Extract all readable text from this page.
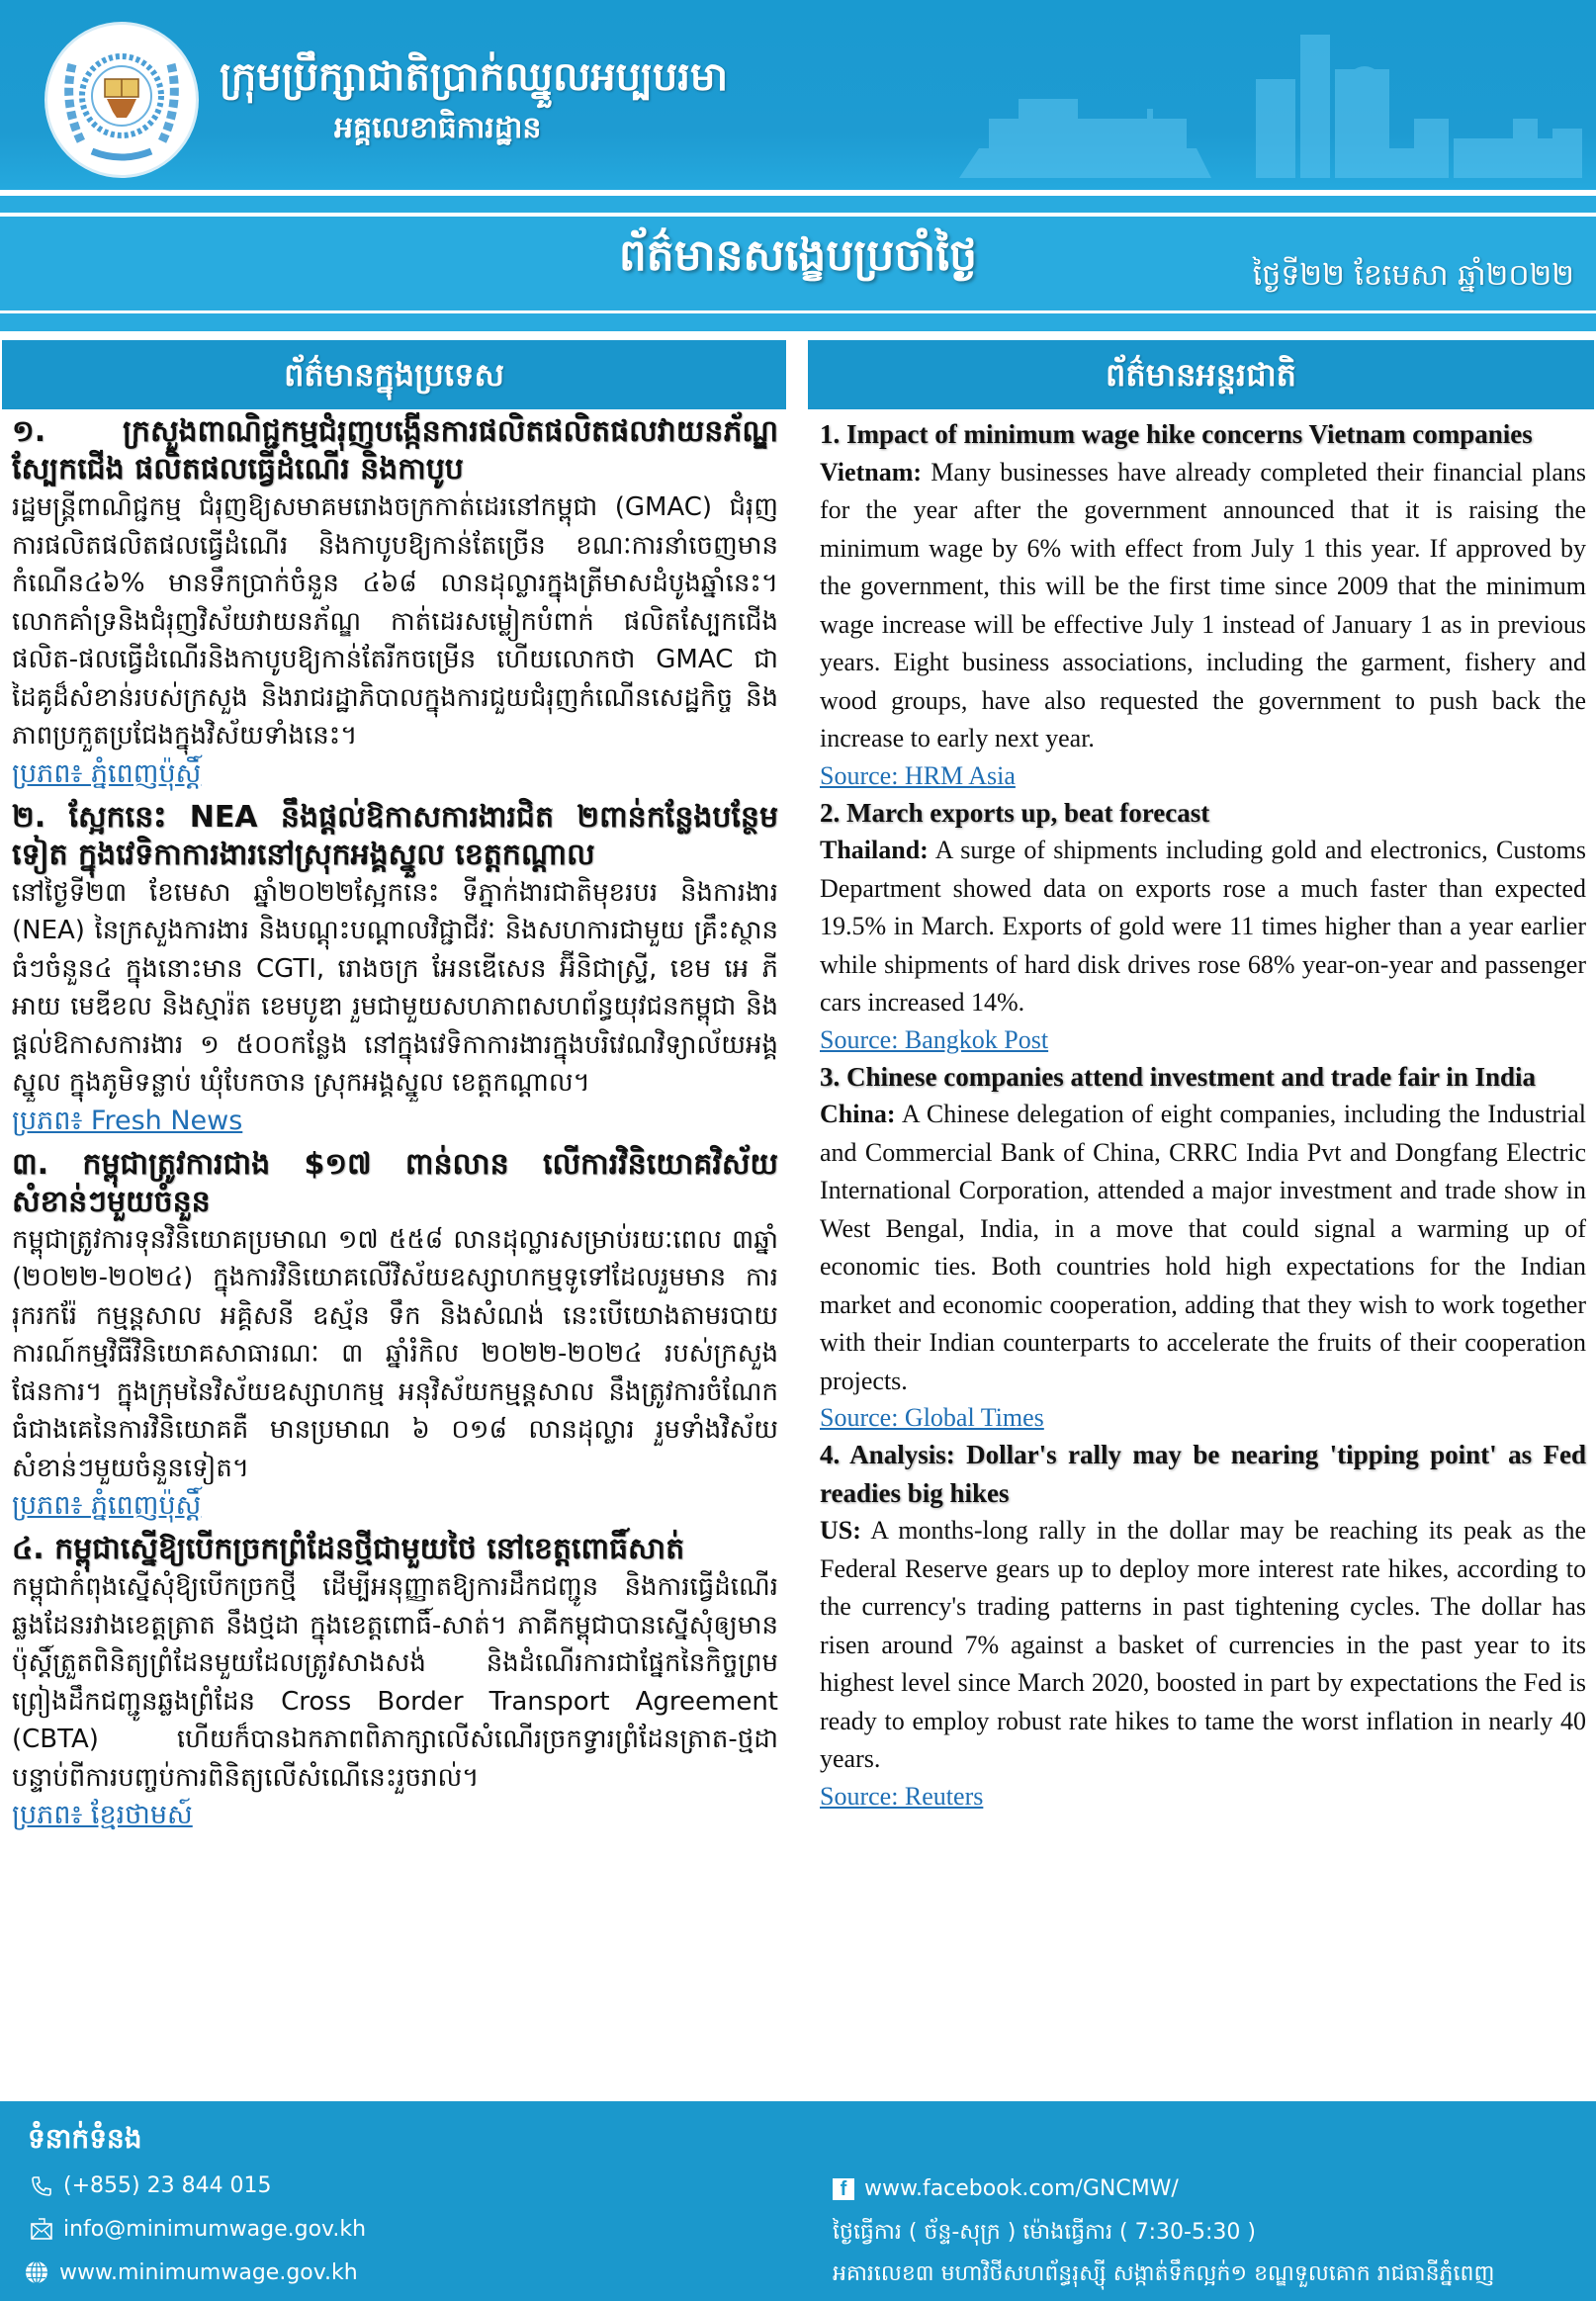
ក្រុមប្រឹក្សាជាតិប្រាក់ឈ្នួលអប្បបរមា
អគ្គលេខាធិការដ្ឋាន
ព័ត៌មានសង្ខេបប្រចាំថ្ងៃ	ថ្ងៃទី២២ ខែមេសា ឆ្នាំ២០២២
ព័ត៌មានក្នុងប្រទេស

១. ក្រសួងពាណិជ្ជកម្មជំរុញបង្កើនការផលិតផលិតផលវាយនភ័ណ្ឌ ស្បែកជើង ផលិតផលធ្វើដំណើរ និងកាបូប

រដ្ឋមន្ត្រីពាណិជ្ជកម្ម ជំរុញឱ្យសមាគមរោងចក្រកាត់ដេរនៅកម្ពុជា (GMAC) ជំរុញការផលិតផលិតផលធ្វើដំណើរ និងកាបូបឱ្យកាន់តែច្រើន ខណៈការនាំចេញមានកំណើន៤៦% មានទឹកប្រាក់ចំនួន ៤៦៨ លានដុល្លារក្នុងត្រីមាសដំបូងឆ្នាំនេះ។ លោកគាំទ្រនិងជំរុញវិស័យវាយនភ័ណ្ឌ កាត់ដេរសម្លៀកបំពាក់ ផលិតស្បែកជើង ផលិត-ផលធ្វើដំណើរនិងកាបូបឱ្យកាន់តែរីកចម្រើន ហើយលោកថា GMAC ជាដៃគូដ៏សំខាន់របស់ក្រសួង និងរាជរដ្ឋាភិបាលក្នុងការជួយជំរុញកំណើនសេដ្ឋកិច្ច និងភាពប្រកួតប្រជែងក្នុងវិស័យទាំងនេះ។

ប្រភព៖ ភ្នំពេញប៉ុស្តិ៍

២. ស្អែកនេះ NEA នឹងផ្តល់ឱកាសការងារជិត ២ពាន់កន្លែងបន្ថែមទៀត ក្នុងវេទិកាការងារនៅស្រុកអង្គស្នួល ខេត្តកណ្តាល

នៅថ្ងៃទី២៣ ខែមេសា ឆ្នាំ២០២២ស្អែកនេះ ទីភ្នាក់ងារជាតិមុខរបរ និងការងារ (NEA) នៃក្រសួងការងារ និងបណ្តុះបណ្តាលវិជ្ជាជីវៈ និងសហការជាមួយ គ្រឹះស្ថានធំៗចំនួន៤ ក្នុងនោះមាន CGTI, រោងចក្រ អែនឌើសេន អ៊ីនិជាស្ទ្រី, ខេម អេ ភី អាយ មេឌីខល និងស្មារ៉ត ខេមបូឌា រួមជាមួយសហភាពសហព័ន្ធយុវជនកម្ពុជា និងផ្តល់ឱកាសការងារ ១ ៥០០កន្លែង នៅក្នុងវេទិកាការងារក្នុងបរិវេណវិទ្យាល័យអង្គស្នួល ក្នុងភូមិទន្លាប់ ឃុំបែកចាន ស្រុកអង្គស្នួល ខេត្តកណ្តាល។

ប្រភព៖ Fresh News

៣. កម្ពុជាត្រូវការជាង $១៧ ពាន់លាន លើការវិនិយោគវិស័យសំខាន់ៗមួយចំនួន

កម្ពុជាត្រូវការទុនវិនិយោគប្រមាណ ១៧ ៥៥៨ លានដុល្លារសម្រាប់រយៈពេល ៣ឆ្នាំ (២០២២-២០២៤) ក្នុងការវិនិយោគលើវិស័យឧស្សាហកម្មទូទៅដែលរួមមាន ការរុករករ៉ែ កម្មន្តសាល អគ្គិសនី ឧស្ម័ន ទឹក និងសំណង់ នេះបើយោងតាមរបាយការណ៍កម្មវិធីវិនិយោគសាធារណៈ ៣ ឆ្នាំរំកិល ២០២២-២០២៤ របស់ក្រសួងផែនការ។ ក្នុងក្រុមនៃវិស័យឧស្សាហកម្ម អនុវិស័យកម្មន្តសាល នឹងត្រូវការចំណែកធំជាងគេនៃការវិនិយោគគឺ មានប្រមាណ ៦ ០១៨ លានដុល្លារ រួមទាំងវិស័យសំខាន់ៗមួយចំនួនទៀត។

ប្រភព៖ ភ្នំពេញប៉ុស្តិ៍

៤. កម្ពុជាស្នើឱ្យបើកច្រកព្រំដែនថ្មីជាមួយថៃ នៅខេត្តពោធិ៍សាត់

កម្ពុជាកំពុងស្នើសុំឱ្យបើកច្រកថ្មី ដើម្បីអនុញ្ញាតឱ្យការដឹកជញ្ជូន និងការធ្វើដំណើរឆ្លងដែនរវាងខេត្តត្រាត នឹងថ្មដា ក្នុងខេត្តពោធិ៍-សាត់។ ភាគីកម្ពុជាបានស្នើសុំឲ្យមានប៉ុស្តិ៍ត្រួតពិនិត្យព្រំដែនមួយដែលត្រូវសាងសង់ និងដំណើរការជាផ្នែកនៃកិច្ចព្រមព្រៀងដឹកជញ្ជូនឆ្លងព្រំដែន Cross Border Transport Agreement (CBTA) ហើយក៏បានឯកភាពពិភាក្សាលើសំណើរច្រកទ្វារព្រំដែនត្រាត-ថ្មដា បន្ទាប់ពីការបញ្ចប់ការពិនិត្យលើសំណើនេះរួចរាល់។

ប្រភព៖ ខ្មែរថាមស៍
ព័ត៌មានអន្តរជាតិ

1. Impact of minimum wage hike concerns Vietnam companies

Vietnam: Many businesses have already completed their financial plans for the year after the government announced that it is raising the minimum wage by 6% with effect from July 1 this year. If approved by the government, this will be the first time since 2009 that the minimum wage increase will be effective July 1 instead of January 1 as in previous years. Eight business associations, including the garment, fishery and wood groups, have also requested the government to push back the increase to early next year.

Source: HRM Asia

2. March exports up, beat forecast

Thailand: A surge of shipments including gold and electronics, Customs Department showed data on exports rose a much faster than expected 19.5% in March. Exports of gold were 11 times higher than a year earlier while shipments of hard disk drives rose 68% year-on-year and passenger cars increased 14%.

Source: Bangkok Post

3. Chinese companies attend investment and trade fair in India

China: A Chinese delegation of eight companies, including the Industrial and Commercial Bank of China, CRRC India Pvt and Dongfang Electric International Corporation, attended a major investment and trade show in West Bengal, India, in a move that could signal a warming up of economic ties. Both countries hold high expectations for the Indian market and economic cooperation, adding that they wish to work together with their Indian counterparts to accelerate the fruits of their cooperation projects.

Source: Global Times

4. Analysis: Dollar's rally may be nearing 'tipping point' as Fed readies big hikes

US: A months-long rally in the dollar may be reaching its peak as the Federal Reserve gears up to deploy more interest rate hikes, according to the currency's trading patterns in past tightening cycles. The dollar has risen around 7% against a basket of currencies in the past year to its highest level since March 2020, boosted in part by expectations the Fed is ready to employ robust rate hikes to tame the worst inflation in nearly 40 years.

Source: Reuters
ទំនាក់ទំនង
(+855) 23 844 015
info@minimumwage.gov.kh
www.minimumwage.gov.kh
f www.facebook.com/GNCMW/
ថ្ងៃធ្វើការ ( ច័ន្ទ-សុក្រ ) ម៉ោងធ្វើការ ( 7:30-5:30 )
អគារលេខ៣ មហាវិថីសហព័ន្ធរុស្ស៊ី សង្កាត់ទឹកល្អក់១ ខណ្ឌទួលគោក រាជធានីភ្នំពេញ
